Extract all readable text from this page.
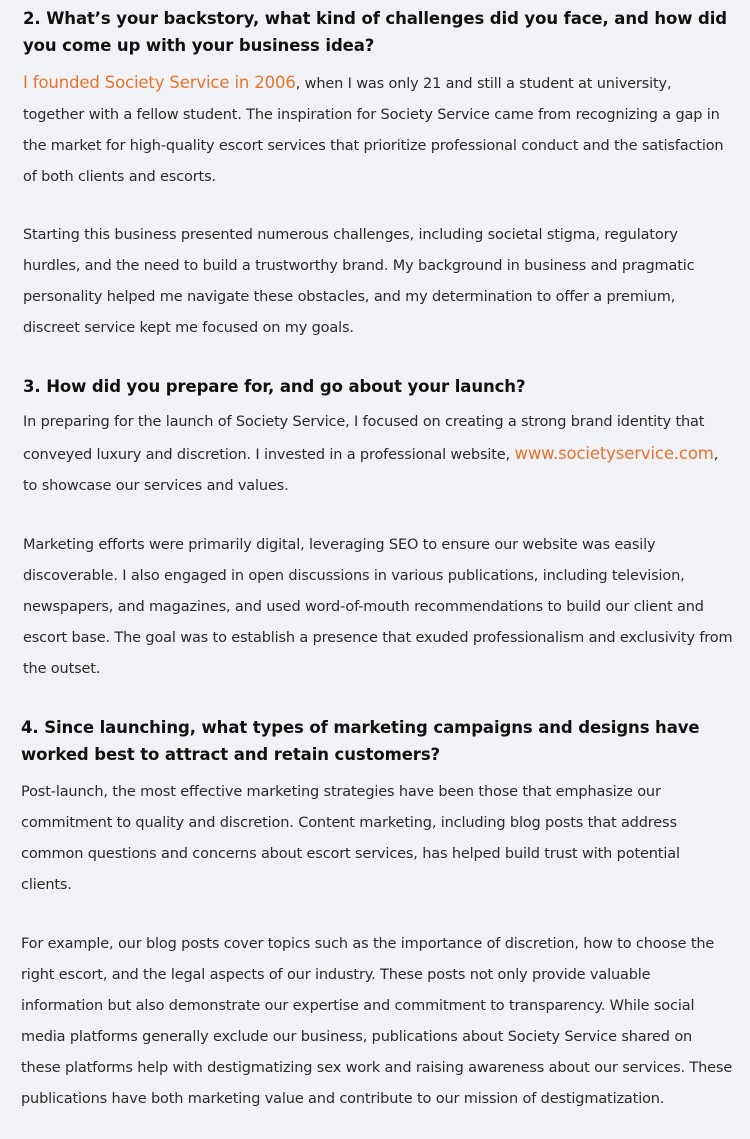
2. What’s your backstory, what kind of challenges did you face, and how did you come up with your business idea?

I founded Society Service in 2006, when I was only 21 and still a student at university, together with a fellow student. The inspiration for Society Service came from recognizing a gap in the market for high-quality escort services that prioritize professional conduct and the satisfaction of both clients and escorts.

Starting this business presented numerous challenges, including societal stigma, regulatory hurdles, and the need to build a trustworthy brand. My background in business and pragmatic personality helped me navigate these obstacles, and my determination to offer a premium, discreet service kept me focused on my goals.

3. How did you prepare for, and go about your launch?

In preparing for the launch of Society Service, I focused on creating a strong brand identity that conveyed luxury and discretion. I invested in a professional website, www.societyservice.com, to showcase our services and values.

Marketing efforts were primarily digital, leveraging SEO to ensure our website was easily discoverable. I also engaged in open discussions in various publications, including television, newspapers, and magazines, and used word-of-mouth recommendations to build our client and escort base. The goal was to establish a presence that exuded professionalism and exclusivity from the outset.

4. Since launching, what types of marketing campaigns and designs have worked best to attract and retain customers?

Post-launch, the most effective marketing strategies have been those that emphasize our commitment to quality and discretion. Content marketing, including blog posts that address common questions and concerns about escort services, has helped build trust with potential clients.

For example, our blog posts cover topics such as the importance of discretion, how to choose the right escort, and the legal aspects of our industry. These posts not only provide valuable information but also demonstrate our expertise and commitment to transparency. While social media platforms generally exclude our business, publications about Society Service shared on these platforms help with destigmatizing sex work and raising awareness about our services. These publications have both marketing value and contribute to our mission of destigmatization.
